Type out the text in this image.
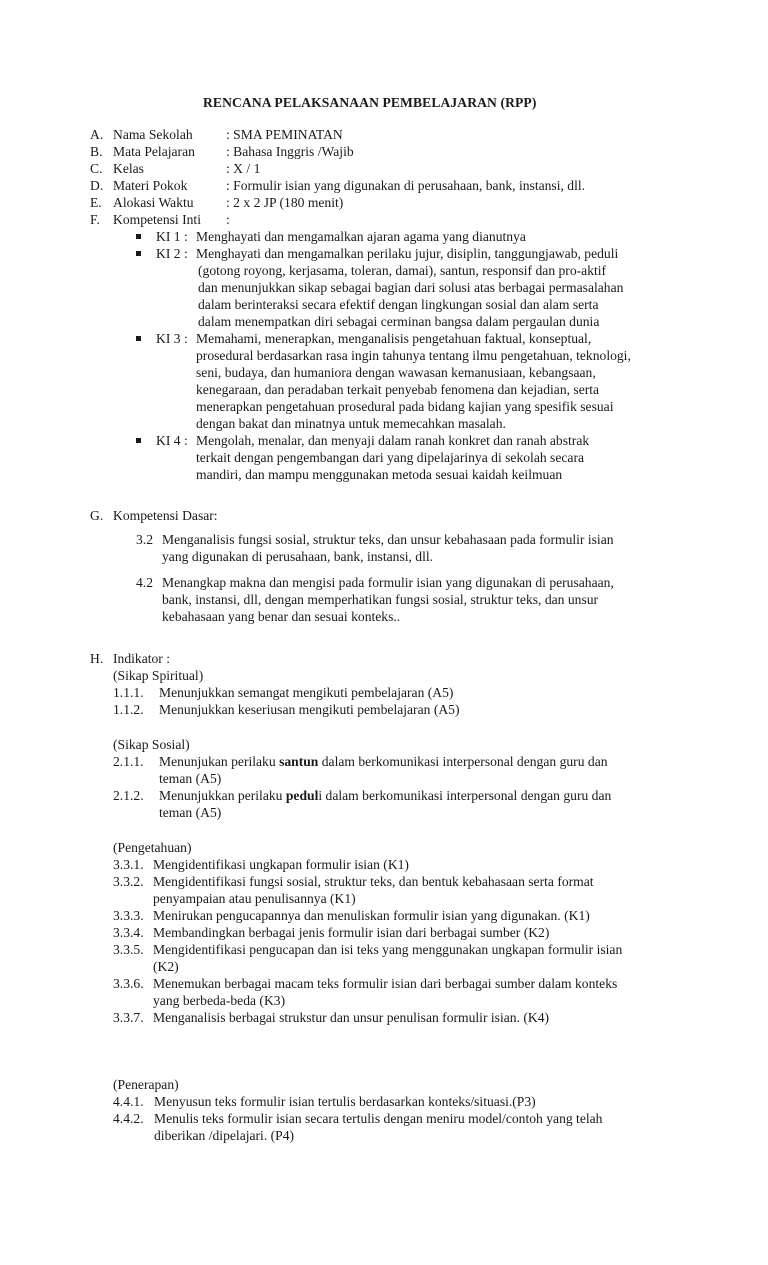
RENCANA PELAKSANAAN PEMBELAJARAN (RPP)
A. Nama Sekolah : SMA PEMINATAN
B. Mata Pelajaran : Bahasa Inggris /Wajib
C. Kelas	: X / 1
D. Materi Pokok	: Formulir isian yang digunakan di perusahaan, bank, instansi, dll.
E. Alokasi Waktu : 2 x 2 JP (180 menit)
F. Kompetensi Inti :
KI 1 : Menghayati dan mengamalkan ajaran agama yang dianutnya
KI 2 : Menghayati dan mengamalkan perilaku jujur, disiplin, tanggungjawab, peduli
(gotong royong, kerjasama, toleran, damai), santun, responsif dan pro-aktif
dan menunjukkan sikap sebagai bagian dari solusi atas berbagai permasalahan
dalam berinteraksi secara efektif dengan lingkungan sosial dan alam serta
dalam menempatkan diri sebagai cerminan bangsa dalam pergaulan dunia
KI 3 : Memahami, menerapkan, menganalisis pengetahuan faktual, konseptual,
prosedural berdasarkan rasa ingin tahunya tentang ilmu pengetahuan, teknologi,
seni, budaya, dan humaniora dengan wawasan kemanusiaan, kebangsaan,
kenegaraan, dan peradaban terkait penyebab fenomena dan kejadian, serta
menerapkan pengetahuan prosedural pada bidang kajian yang spesifik sesuai
dengan bakat dan minatnya untuk memecahkan masalah.
KI 4 : Mengolah, menalar, dan menyaji dalam ranah konkret dan ranah abstrak
terkait dengan pengembangan dari yang dipelajarinya di sekolah secara
mandiri, dan mampu menggunakan metoda sesuai kaidah keilmuan
G. Kompetensi Dasar:
3.2 Menganalisis fungsi sosial, struktur teks, dan unsur kebahasaan pada formulir isian
yang digunakan di perusahaan, bank, instansi, dll.
4.2 Menangkap makna dan mengisi pada formulir isian yang digunakan di perusahaan,
bank, instansi, dll, dengan memperhatikan fungsi sosial, struktur teks, dan unsur
kebahasaan yang benar dan sesuai konteks..
H. Indikator :
(Sikap Spiritual)
1.1.1. Menunjukkan semangat mengikuti pembelajaran (A5)
1.1.2. Menunjukkan keseriusan mengikuti pembelajaran (A5)
(Sikap Sosial)
2.1.1. Menunjukan perilaku santun dalam berkomunikasi interpersonal dengan guru dan
teman (A5)
2.1.2. Menunjukkan perilaku peduli dalam berkomunikasi interpersonal dengan guru dan
teman (A5)
(Pengetahuan)
3.3.1. Mengidentifikasi ungkapan formulir isian (K1)
3.3.2. Mengidentifikasi fungsi sosial, struktur teks, dan bentuk kebahasaan serta format
penyampaian atau penulisannya (K1)
3.3.3. Menirukan pengucapannya dan menuliskan formulir isian yang digunakan. (K1)
3.3.4. Membandingkan berbagai jenis formulir isian dari berbagai sumber (K2)
3.3.5. Mengidentifikasi pengucapan dan isi teks yang menggunakan ungkapan formulir isian
(K2)
3.3.6. Menemukan berbagai macam teks formulir isian dari berbagai sumber dalam konteks
yang berbeda-beda (K3)
3.3.7. Menganalisis berbagai strukstur dan unsur penulisan formulir isian. (K4)
(Penerapan)
4.4.1. Menyusun teks formulir isian tertulis berdasarkan konteks/situasi.(P3)
4.4.2. Menulis teks formulir isian secara tertulis dengan meniru model/contoh yang telah
diberikan /dipelajari. (P4)
